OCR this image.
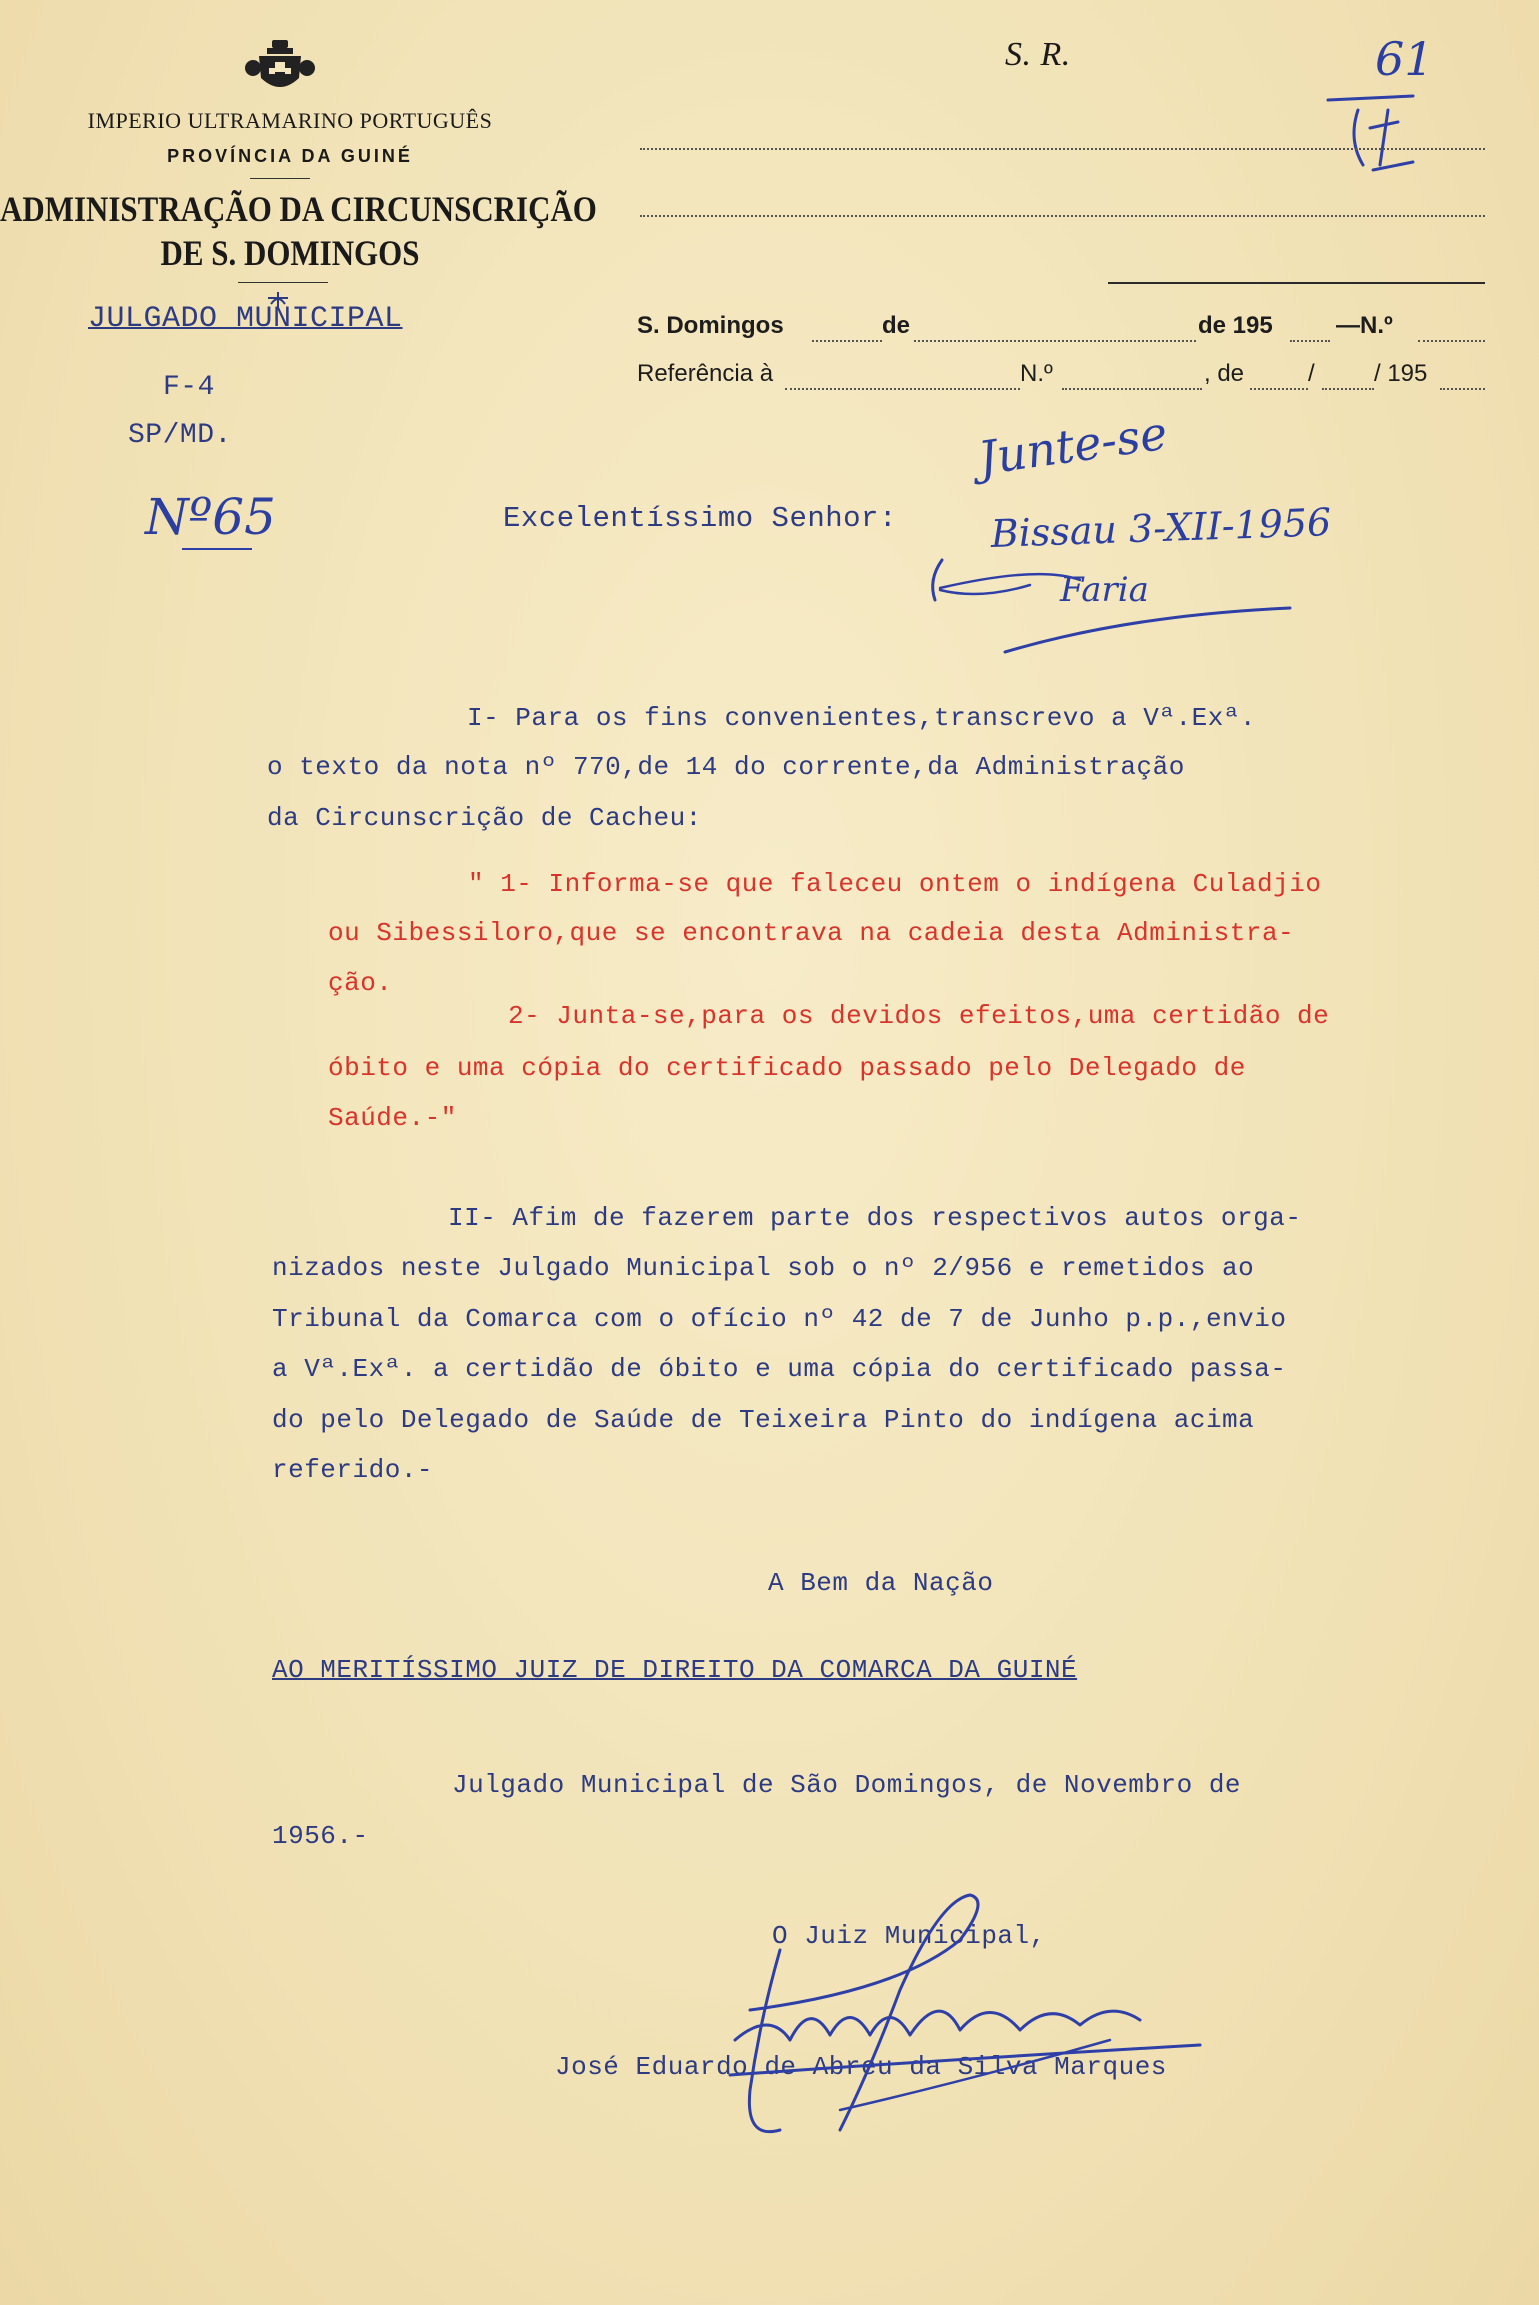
IMPERIO ULTRAMARINO PORTUGUÊS
PROVÍNCIA DA GUINÉ
ADMINISTRAÇÃO DA CIRCUNSCRIÇÃO
DE S. DOMINGOS
JULGADO MUNICIPAL
F-4
SP/MD.
Nº65
S. R.	61
S. Domingos	de	de 195	—N.º
Referência à	N.º	, de	/ / 195
Excelentíssimo Senhor:
Junte-se
Bissau 3-XII-1956
Faria
I- Para os fins convenientes,transcrevo a Vª.Exª.
o texto da nota nº 770,de 14 do corrente,da Administração
da Circunscrição de Cacheu:
" 1- Informa-se que faleceu ontem o indígena Culadjio
ou Sibessiloro,que se encontrava na cadeia desta Administra-
ção.
2- Junta-se,para os devidos efeitos,uma certidão de
óbito e uma cópia do certificado passado pelo Delegado de
Saúde.-"
II- Afim de fazerem parte dos respectivos autos orga-
nizados neste Julgado Municipal sob o nº 2/956 e remetidos ao
Tribunal da Comarca com o ofício nº 42 de 7 de Junho p.p.,envio
a Vª.Exª. a certidão de óbito e uma cópia do certificado passa-
do pelo Delegado de Saúde de Teixeira Pinto do indígena acima
referido.-
A Bem da Nação
AO MERITÍSSIMO JUIZ DE DIREITO DA COMARCA DA GUINÉ
Julgado Municipal de São Domingos, de Novembro de
1956.-
O Juiz Municipal,
José Eduardo de Abreu da Silva Marques
